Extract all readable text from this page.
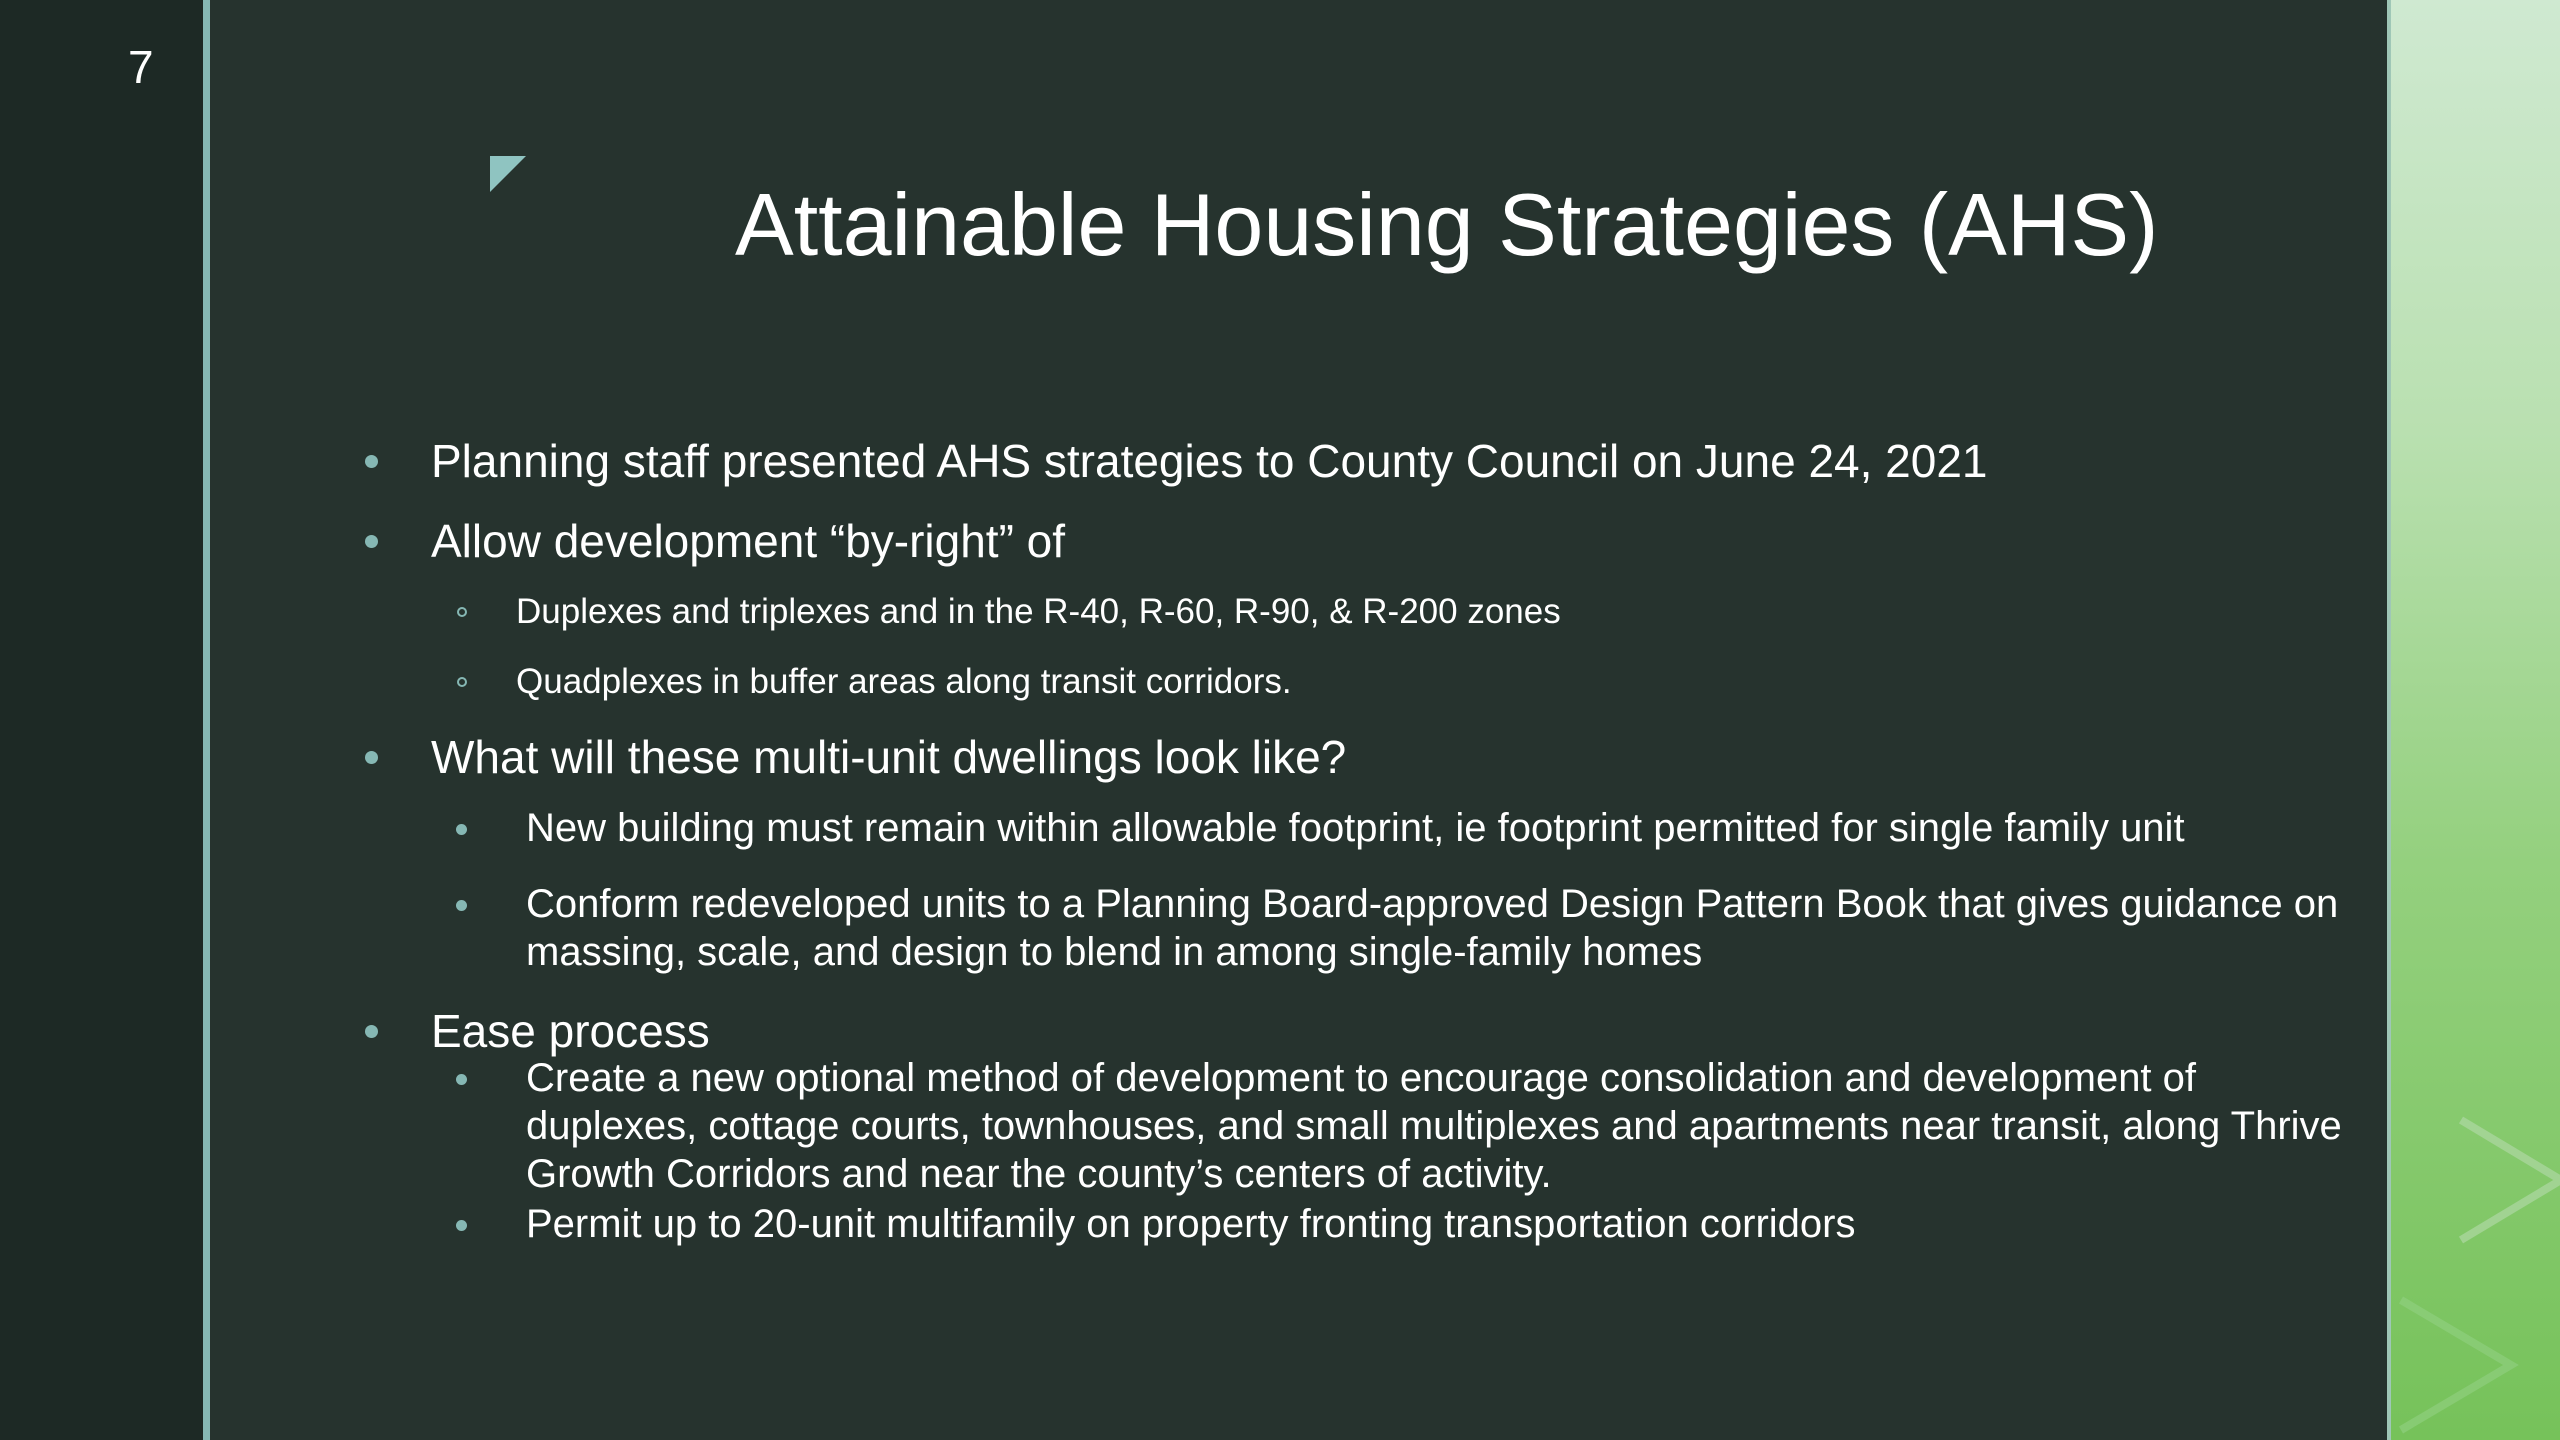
7
Attainable Housing Strategies (AHS)
Planning staff presented AHS strategies to County Council on June 24, 2021
Allow development “by-right” of
Duplexes and triplexes and in the R-40, R-60, R-90, & R-200 zones
Quadplexes in buffer areas along transit corridors.
What will these multi-unit dwellings look like?
New building must remain within allowable footprint, ie footprint permitted for single family unit
Conform redeveloped units to a Planning Board-approved Design Pattern Book that gives guidance on massing, scale, and design to blend in among single-family homes
Ease process
Create a new optional method of development to encourage consolidation and development of duplexes, cottage courts, townhouses, and small multiplexes and apartments near transit, along Thrive Growth Corridors and near the county’s centers of activity.
Permit up to 20-unit multifamily on property fronting transportation corridors
